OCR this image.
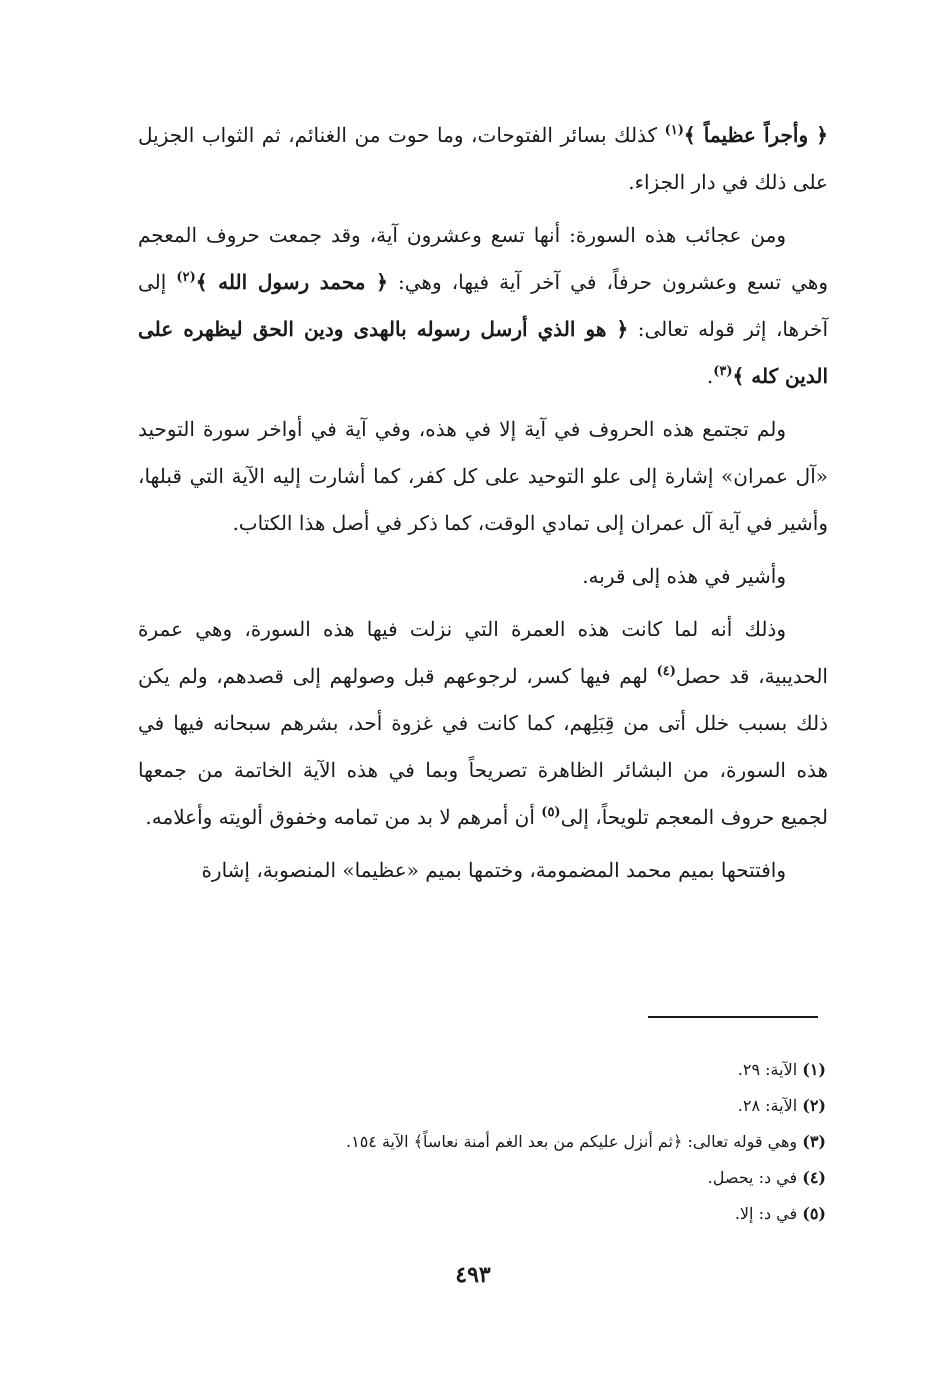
﴿ وأجراً عظيماً ﴾$^{(١)}$ كذلك بسائر الفتوحات، وما حوت من الغنائم، ثم الثواب الجزيل على ذلك في دار الجزاء.

ومن عجائب هذه السورة: أنها تسع وعشرون آية، وقد جمعت حروف المعجم وهي تسع وعشرون حرفاً، في آخر آية فيها، وهي: ﴿ محمد رسول الله ﴾$^{(٢)}$ إلى آخرها، إثر قوله تعالى: ﴿ هو الذي أرسل رسوله بالهدى ودين الحق ليظهره على الدين كله ﴾$^{(٣)}$.

ولم تجتمع هذه الحروف في آية إلا في هذه، وفي آية في أواخر سورة التوحيد «آل عمران» إشارة إلى علو التوحيد على كل كفر، كما أشارت إليه الآية التي قبلها، وأشير في آية آل عمران إلى تمادي الوقت، كما ذكر في أصل هذا الكتاب.

وأشير في هذه إلى قربه.

وذلك أنه لما كانت هذه العمرة التي نزلت فيها هذه السورة، وهي عمرة الحديبية، قد حصل$^{(٤)}$ لهم فيها كسر، لرجوعهم قبل وصولهم إلى قصدهم، ولم يكن ذلك بسبب خلل أتى من قِبَلِهم، كما كانت في غزوة أحد، بشرهم سبحانه فيها في هذه السورة، من البشائر الظاهرة تصريحاً وبما في هذه الآية الخاتمة من جمعها لجميع حروف المعجم تلويحاً، إلى$^{(٥)}$ أن أمرهم لا بد من تمامه وخفوق ألويته وأعلامه.

وافتتحها بميم محمد المضمومة، وختمها بميم «عظيما» المنصوبة، إشارة

(١) الآية: ٢٩.

(٢) الآية: ٢٨.

(٣) وهي قوله تعالى: ﴿ثم أنزل عليكم من بعد الغم أمنة نعاساً﴾ الآية ١٥٤.

(٤) في د: يحصل.

(٥) في د: إلا.

٤٩٣
